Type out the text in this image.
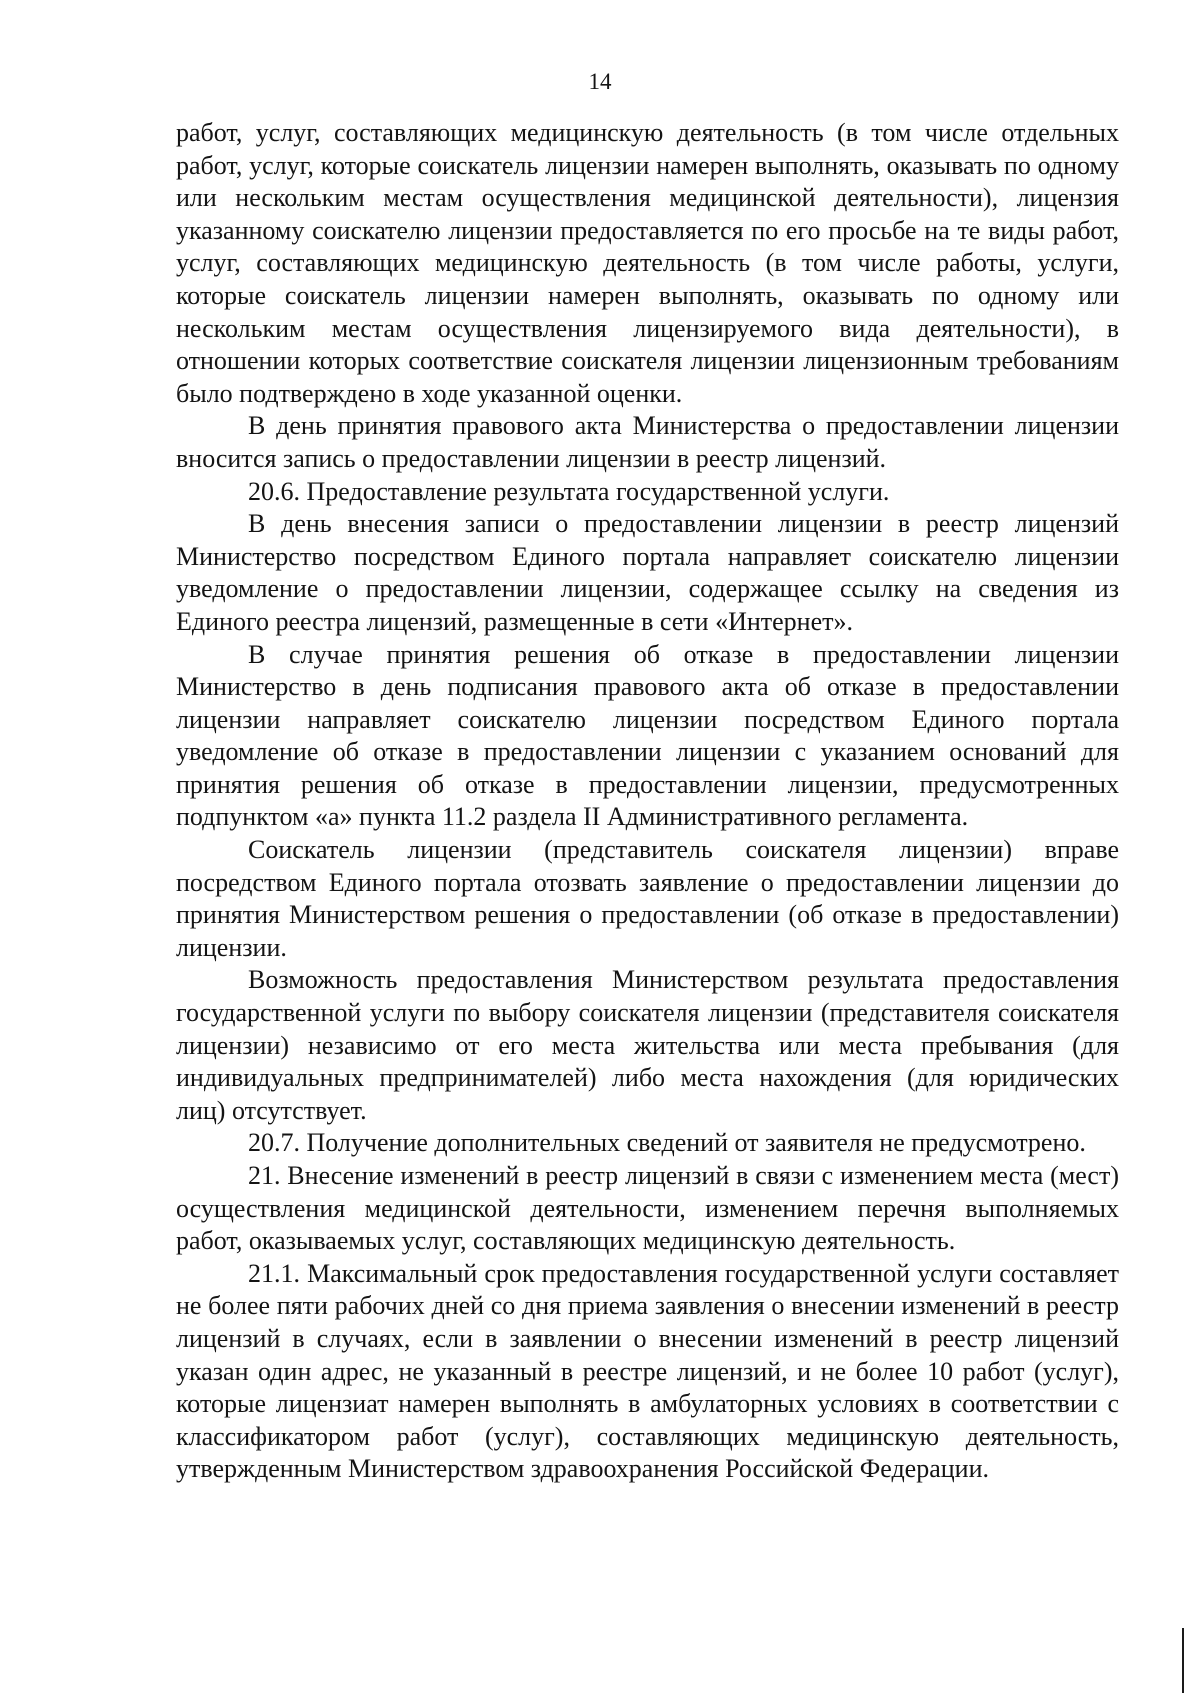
14

работ, услуг, составляющих медицинскую деятельность (в том числе отдельных работ, услуг, которые соискатель лицензии намерен выполнять, оказывать по одному или нескольким местам осуществления медицинской деятельности), лицензия указанному соискателю лицензии предоставляется по его просьбе на те виды работ, услуг, составляющих медицинскую деятельность (в том числе работы, услуги, которые соискатель лицензии намерен выполнять, оказывать по одному или нескольким местам осуществления лицензируемого вида деятельности), в отношении которых соответствие соискателя лицензии лицензионным требованиям было подтверждено в ходе указанной оценки.

В день принятия правового акта Министерства о предоставлении лицензии вносится запись о предоставлении лицензии в реестр лицензий.

20.6. Предоставление результата государственной услуги.

В день внесения записи о предоставлении лицензии в реестр лицензий Министерство посредством Единого портала направляет соискателю лицензии уведомление о предоставлении лицензии, содержащее ссылку на сведения из Единого реестра лицензий, размещенные в сети «Интернет».

В случае принятия решения об отказе в предоставлении лицензии Министерство в день подписания правового акта об отказе в предоставлении лицензии направляет соискателю лицензии посредством Единого портала уведомление об отказе в предоставлении лицензии с указанием оснований для принятия решения об отказе в предоставлении лицензии, предусмотренных подпунктом «а» пункта 11.2 раздела II Административного регламента.

Соискатель лицензии (представитель соискателя лицензии) вправе посредством Единого портала отозвать заявление о предоставлении лицензии до принятия Министерством решения о предоставлении (об отказе в предоставлении) лицензии.

Возможность предоставления Министерством результата предоставления государственной услуги по выбору соискателя лицензии (представителя соискателя лицензии) независимо от его места жительства или места пребывания (для индивидуальных предпринимателей) либо места нахождения (для юридических лиц) отсутствует.

20.7. Получение дополнительных сведений от заявителя не предусмотрено.

21. Внесение изменений в реестр лицензий в связи с изменением места (мест) осуществления медицинской деятельности, изменением перечня выполняемых работ, оказываемых услуг, составляющих медицинскую деятельность.

21.1. Максимальный срок предоставления государственной услуги составляет не более пяти рабочих дней со дня приема заявления о внесении изменений в реестр лицензий в случаях, если в заявлении о внесении изменений в реестр лицензий указан один адрес, не указанный в реестре лицензий, и не более 10 работ (услуг), которые лицензиат намерен выполнять в амбулаторных условиях в соответствии с классификатором работ (услуг), составляющих медицинскую деятельность, утвержденным Министерством здравоохранения Российской Федерации.
